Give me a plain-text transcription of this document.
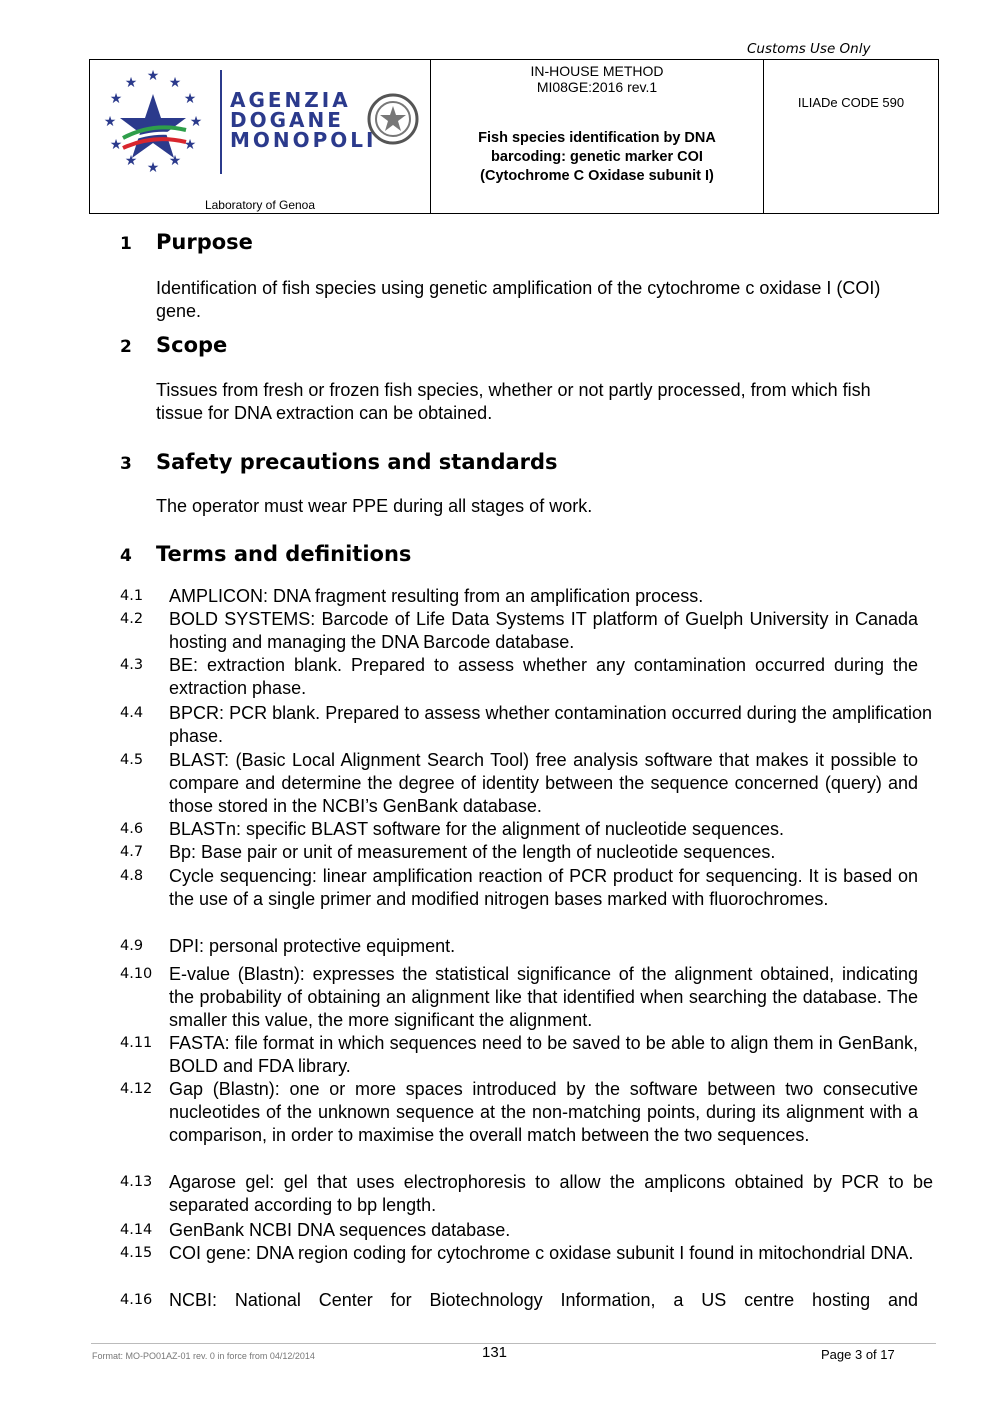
Customs Use Only
★
★ ★
★	★
★	★
★	★
★ ★
★
AGENZIA
DOGANE
MONOPOLI
Laboratory of Genoa

IN-HOUSE METHOD
MI08GE:2016 rev.1
Fish species identification by DNA
barcoding: genetic marker COI
(Cytochrome C Oxidase subunit I)

ILIADe CODE 590
1 Purpose
Identification of fish species using genetic amplification of the cytochrome c oxidase I (COI) gene.
2 Scope
Tissues from fresh or frozen fish species, whether or not partly processed, from which fish tissue for DNA extraction can be obtained.
3 Safety precautions and standards
The operator must wear PPE during all stages of work.
4 Terms and definitions
4.1	AMPLICON: DNA fragment resulting from an amplification process.
4.2	BOLD SYSTEMS: Barcode of Life Data Systems IT platform of Guelph University in Canada hosting and managing the DNA Barcode database.
4.3	BE: extraction blank. Prepared to assess whether any contamination occurred during the extraction phase.
4.4	BPCR: PCR blank. Prepared to assess whether contamination occurred during the amplification phase.
4.5	BLAST: (Basic Local Alignment Search Tool) free analysis software that makes it possible to compare and determine the degree of identity between the sequence concerned (query) and those stored in the NCBI’s GenBank database.
4.6	BLASTn: specific BLAST software for the alignment of nucleotide sequences.
4.7	Bp: Base pair or unit of measurement of the length of nucleotide sequences.
4.8	Cycle sequencing: linear amplification reaction of PCR product for sequencing. It is based on the use of a single primer and modified nitrogen bases marked with fluorochromes.
4.9	DPI: personal protective equipment.
4.10 E-value (Blastn): expresses the statistical significance of the alignment obtained, indicating the probability of obtaining an alignment like that identified when searching the database. The smaller this value, the more significant the alignment.
4.11 FASTA: file format in which sequences need to be saved to be able to align them in GenBank, BOLD and FDA library.
4.12 Gap (Blastn): one or more spaces introduced by the software between two consecutive nucleotides of the unknown sequence at the non-matching points, during its alignment with a comparison, in order to maximise the overall match between the two sequences.
4.13 Agarose gel: gel that uses electrophoresis to allow the amplicons obtained by PCR to be separated according to bp length.
4.14 GenBank NCBI DNA sequences database.
4.15 COI gene: DNA region coding for cytochrome c oxidase subunit I found in mitochondrial DNA.
4.16 NCBI: National Center for Biotechnology Information, a US centre hosting and
Format: MO-PO01AZ-01 rev. 0 in force from 04/12/2014	131	Page 3 of 17
